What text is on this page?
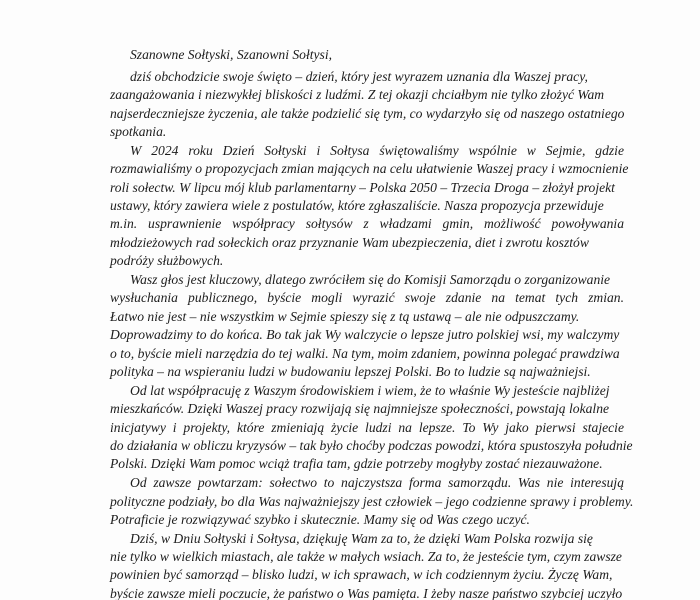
Szanowne Sołtyski, Szanowni Sołtysi,
dziś obchodzicie swoje święto – dzień, który jest wyrazem uznania dla Waszej pracy,
zaangażowania i niezwykłej bliskości z ludźmi. Z tej okazji chciałbym nie tylko złożyć Wam
najserdeczniejsze życzenia, ale także podzielić się tym, co wydarzyło się od naszego ostatniego
spotkania.
W 2024 roku Dzień Sołtyski i Sołtysa świętowaliśmy wspólnie w Sejmie, gdzie
rozmawialiśmy o propozycjach zmian mających na celu ułatwienie Waszej pracy i wzmocnienie
roli sołectw. W lipcu mój klub parlamentarny – Polska 2050 – Trzecia Droga – złożył projekt
ustawy, który zawiera wiele z postulatów, które zgłaszaliście. Nasza propozycja przewiduje
m.in. usprawnienie współpracy sołtysów z władzami gmin, możliwość powoływania
młodzieżowych rad sołeckich oraz przyznanie Wam ubezpieczenia, diet i zwrotu kosztów
podróży służbowych.
Wasz głos jest kluczowy, dlatego zwróciłem się do Komisji Samorządu o zorganizowanie
wysłuchania publicznego, byście mogli wyrazić swoje zdanie na temat tych zmian.
Łatwo nie jest – nie wszystkim w Sejmie spieszy się z tą ustawą – ale nie odpuszczamy.
Doprowadzimy to do końca. Bo tak jak Wy walczycie o lepsze jutro polskiej wsi, my walczymy
o to, byście mieli narzędzia do tej walki. Na tym, moim zdaniem, powinna polegać prawdziwa
polityka – na wspieraniu ludzi w budowaniu lepszej Polski. Bo to ludzie są najważniejsi.
Od lat współpracuję z Waszym środowiskiem i wiem, że to właśnie Wy jesteście najbliżej
mieszkańców. Dzięki Waszej pracy rozwijają się najmniejsze społeczności, powstają lokalne
inicjatywy i projekty, które zmieniają życie ludzi na lepsze. To Wy jako pierwsi stajecie
do działania w obliczu kryzysów – tak było choćby podczas powodzi, która spustoszyła południe
Polski. Dzięki Wam pomoc wciąż trafia tam, gdzie potrzeby mogłyby zostać niezauważone.
Od zawsze powtarzam: sołectwo to najczystsza forma samorządu. Was nie interesują
polityczne podziały, bo dla Was najważniejszy jest człowiek – jego codzienne sprawy i problemy.
Potraficie je rozwiązywać szybko i skutecznie. Mamy się od Was czego uczyć.
Dziś, w Dniu Sołtyski i Sołtysa, dziękuję Wam za to, że dzięki Wam Polska rozwija się
nie tylko w wielkich miastach, ale także w małych wsiach. Za to, że jesteście tym, czym zawsze
powinien być samorząd – blisko ludzi, w ich sprawach, w ich codziennym życiu. Życzę Wam,
byście zawsze mieli poczucie, że państwo o Was pamięta. I żeby nasze państwo szybciej uczyło
